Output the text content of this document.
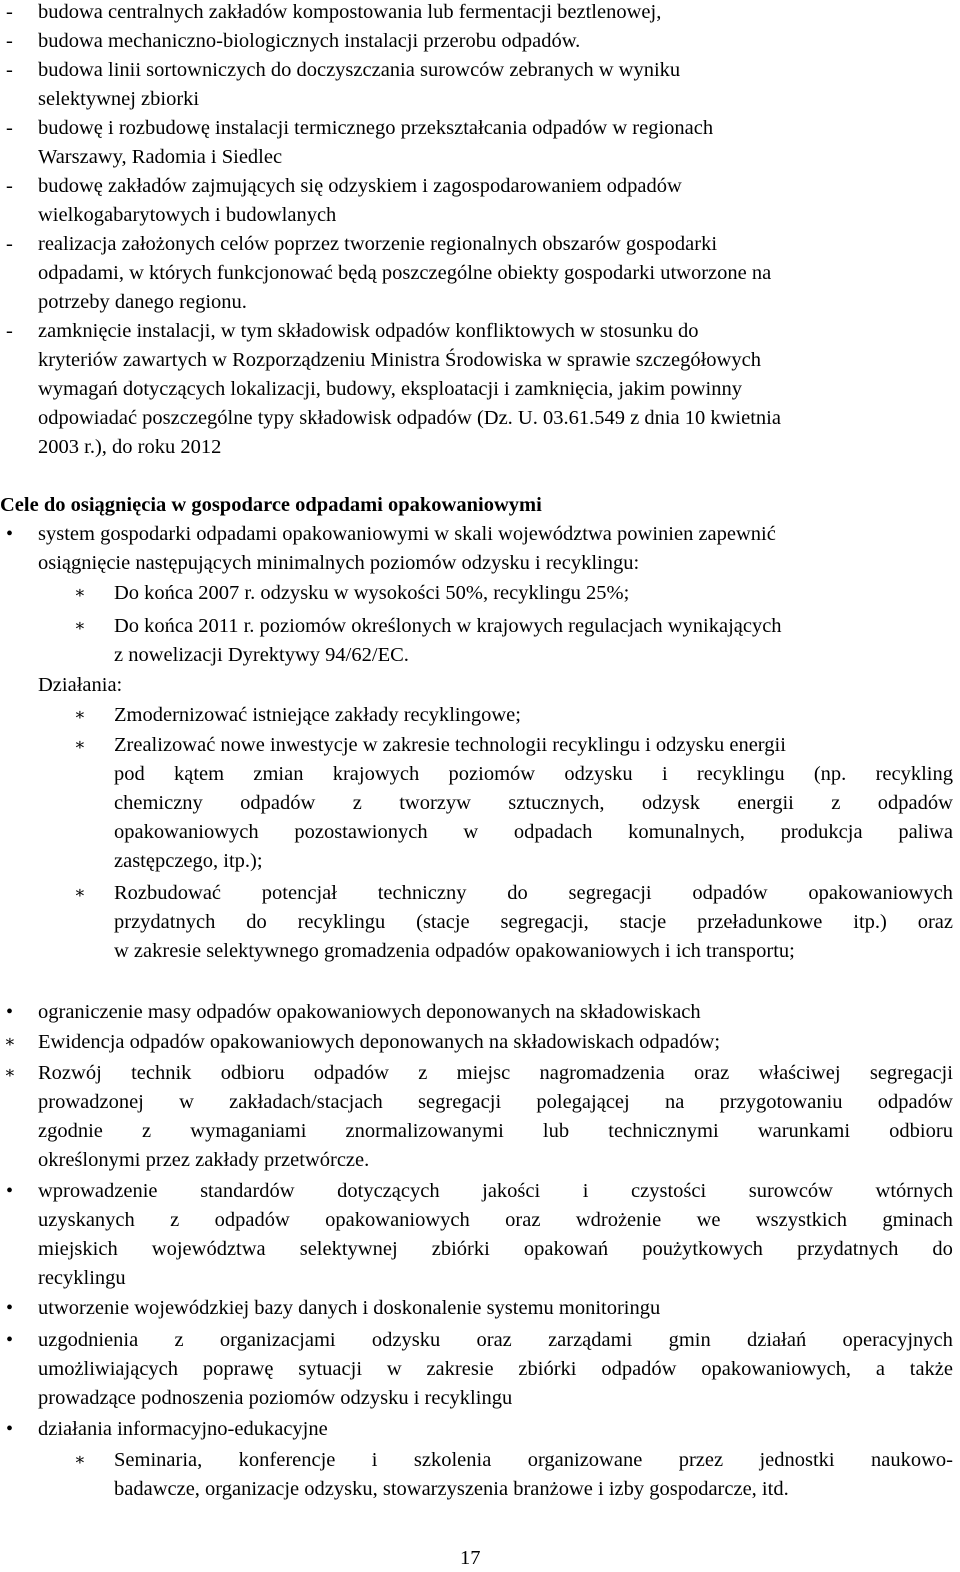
- budowa centralnych zakładów kompostowania lub fermentacji beztlenowej,
- budowa mechaniczno-biologicznych instalacji przerobu odpadów.
- budowa linii sortowniczych do doczyszczania surowców zebranych w wyniku
selektywnej zbiorki
- budowę i rozbudowę instalacji termicznego przekształcania odpadów w regionach
Warszawy, Radomia i Siedlec
- budowę zakładów zajmujących się odzyskiem i zagospodarowaniem odpadów
wielkogabarytowych i budowlanych
- realizacja założonych celów poprzez tworzenie regionalnych obszarów gospodarki
odpadami, w których funkcjonować będą poszczególne obiekty gospodarki utworzone na
potrzeby danego regionu.
- zamknięcie instalacji, w tym składowisk odpadów konfliktowych w stosunku do
kryteriów zawartych w Rozporządzeniu Ministra Środowiska w sprawie szczegółowych
wymagań dotyczących lokalizacji, budowy, eksploatacji i zamknięcia, jakim powinny
odpowiadać poszczególne typy składowisk odpadów (Dz. U. 03.61.549 z dnia 10 kwietnia
2003 r.), do roku 2012
Cele do osiągnięcia w gospodarce odpadami opakowaniowymi
• system gospodarki odpadami opakowaniowymi w skali województwa powinien zapewnić
osiągnięcie następujących minimalnych poziomów odzysku i recyklingu:
∗ Do końca 2007 r. odzysku w wysokości 50%, recyklingu 25%;
∗ Do końca 2011 r. poziomów określonych w krajowych regulacjach wynikających
z nowelizacji Dyrektywy 94/62/EC.
Działania:
∗ Zmodernizować istniejące zakłady recyklingowe;
∗ Zrealizować nowe inwestycje w zakresie technologii recyklingu i odzysku energii
pod kątem zmian krajowych poziomów odzysku i recyklingu (np. recykling
chemiczny odpadów z tworzyw sztucznych, odzysk energii z odpadów
opakowaniowych pozostawionych w odpadach komunalnych, produkcja paliwa
zastępczego, itp.);
∗ Rozbudować potencjał techniczny do segregacji odpadów opakowaniowych
przydatnych do recyklingu (stacje segregacji, stacje przeładunkowe itp.) oraz
w zakresie selektywnego gromadzenia odpadów opakowaniowych i ich transportu;
• ograniczenie masy odpadów opakowaniowych deponowanych na składowiskach
∗ Ewidencja odpadów opakowaniowych deponowanych na składowiskach odpadów;
∗ Rozwój technik odbioru odpadów z miejsc nagromadzenia oraz właściwej segregacji
prowadzonej w zakładach/stacjach segregacji polegającej na przygotowaniu odpadów
zgodnie z wymaganiami znormalizowanymi lub technicznymi warunkami odbioru
określonymi przez zakłady przetwórcze.
• wprowadzenie standardów dotyczących jakości i czystości surowców wtórnych
uzyskanych z odpadów opakowaniowych oraz wdrożenie we wszystkich gminach
miejskich województwa selektywnej zbiórki opakowań poużytkowych przydatnych do
recyklingu
• utworzenie wojewódzkiej bazy danych i doskonalenie systemu monitoringu
• uzgodnienia z organizacjami odzysku oraz zarządami gmin działań operacyjnych
umożliwiających poprawę sytuacji w zakresie zbiórki odpadów opakowaniowych, a także
prowadzące podnoszenia poziomów odzysku i recyklingu
• działania informacyjno-edukacyjne
∗ Seminaria, konferencje i szkolenia organizowane przez jednostki naukowo-
badawcze, organizacje odzysku, stowarzyszenia branżowe i izby gospodarcze, itd.
17
